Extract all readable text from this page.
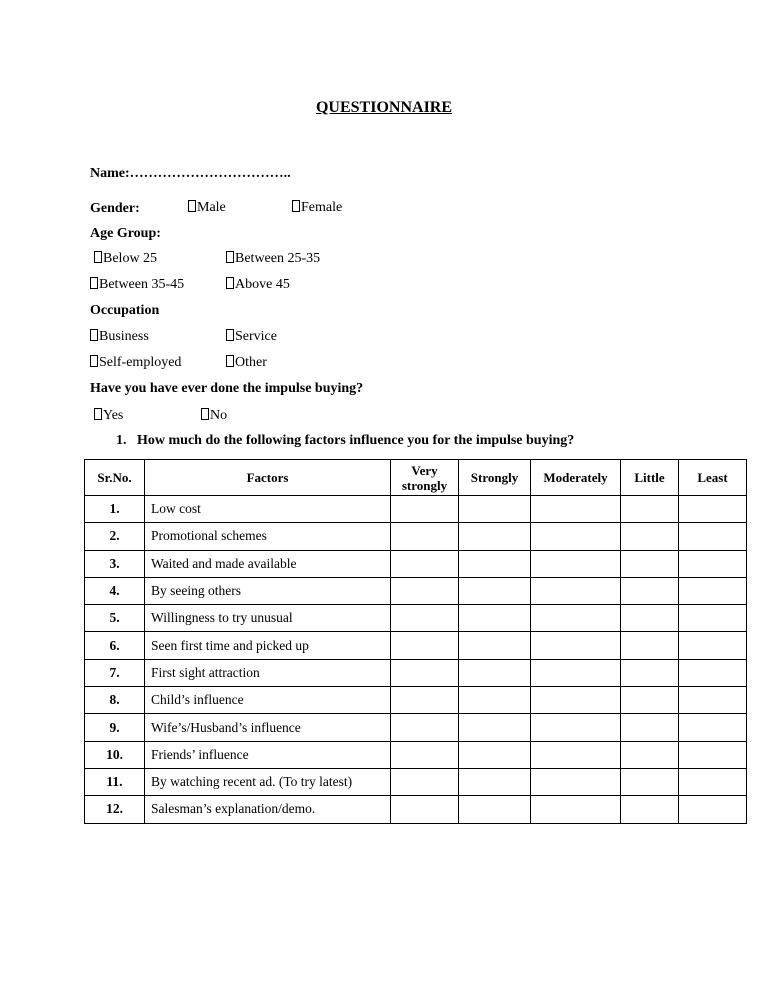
QUESTIONNAIRE
Name:……………………………..
Gender:	Male	Female
Age Group:
Below 25	Between 25-35
Between 35-45	Above 45
Occupation
Business	Service
Self-employed	Other
Have you have ever done the impulse buying?
Yes	No
1.   How much do the following factors influence you for the impulse buying?
Sr.No.	Factors	Very strongly	Strongly	Moderately	Little	Least
1.	Low cost					
2.	Promotional schemes					
3.	Waited and made available					
4.	By seeing others					
5.	Willingness to try unusual					
6.	Seen first time and picked up					
7.	First sight attraction					
8.	Child’s influence					
9.	Wife’s/Husband’s influence					
10.	Friends’ influence					
11.	By watching recent ad. (To try latest)					
12.	Salesman’s explanation/demo.					
